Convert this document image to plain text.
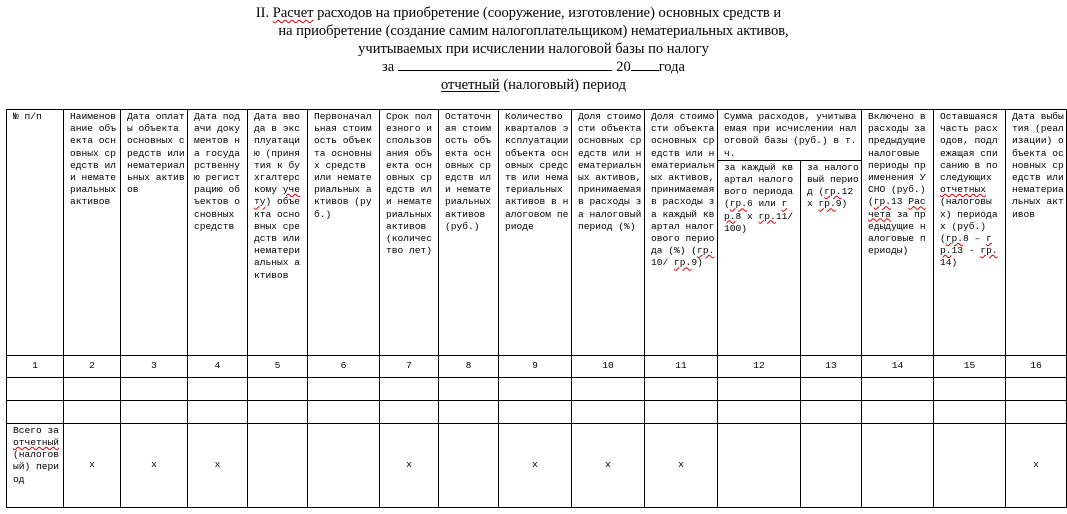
II. Расчет расходов на приобретение (сооружение, изготовление) основных средств и
на приобретение (создание самим налогоплательщиком) нематериальных активов,
учитываемых при исчислении налоговой базы по налогу
за	20 года
отчетный (налоговый) период
№ п/п	Наименование объекта основных средств или нематериальных активов	Дата оплаты объекта основных средств или нематериальных активов	Дата подачи документов на государственную регистрацию объектов основных средств	Дата ввода в эксплуатацию (принятия к бухгалтерскому учету) объекта основных средств или нематериальных активов	Первоначальная стоимость объекта основных средств или нематериальных активов (руб.)	Срок полезного использования объекта основных средств или нематериальных активов (количество лет)	Остаточная стоимость объекта основных средств или нематериальных активов (руб.)	Количество кварталов эксплуатации объекта основных средств или нематериальных активов в налоговом периоде	Доля стоимости объекта основных средств или нематериальных активов, принимаемая в расходы за налоговый период (%)	Доля стоимости объекта основных средств или нематериальных активов, принимаемая в расходы за каждый квартал налогового периода (%) (гр.10/ гр.9)	Сумма расходов, учитываемая при исчислении налоговой базы (руб.) в т.ч.		Включено в расходы за предыдущие налоговые периоды применения УСНО (руб.) (гр.13 Расчета за предыдущие налоговые периоды)	Оставшаяся часть расходов, подлежащая списанию в последующих отчетных (налоговых) периодах (руб.) (гр.8 – гр.13 - гр.14)	Дата выбытия (реализации) объекта основных средств или нематериальных активов
											за каждый квартал налогового периода (гр.6 или гр.8 х гр.11/100)	за налоговый период (гр.12 х гр.9)			
1	2	3	4	5	6	7	8	9	10	11	12	13	14	15	16

Всего за отчетный (налоговый) период	х	х	х			х		х	х	х					х
